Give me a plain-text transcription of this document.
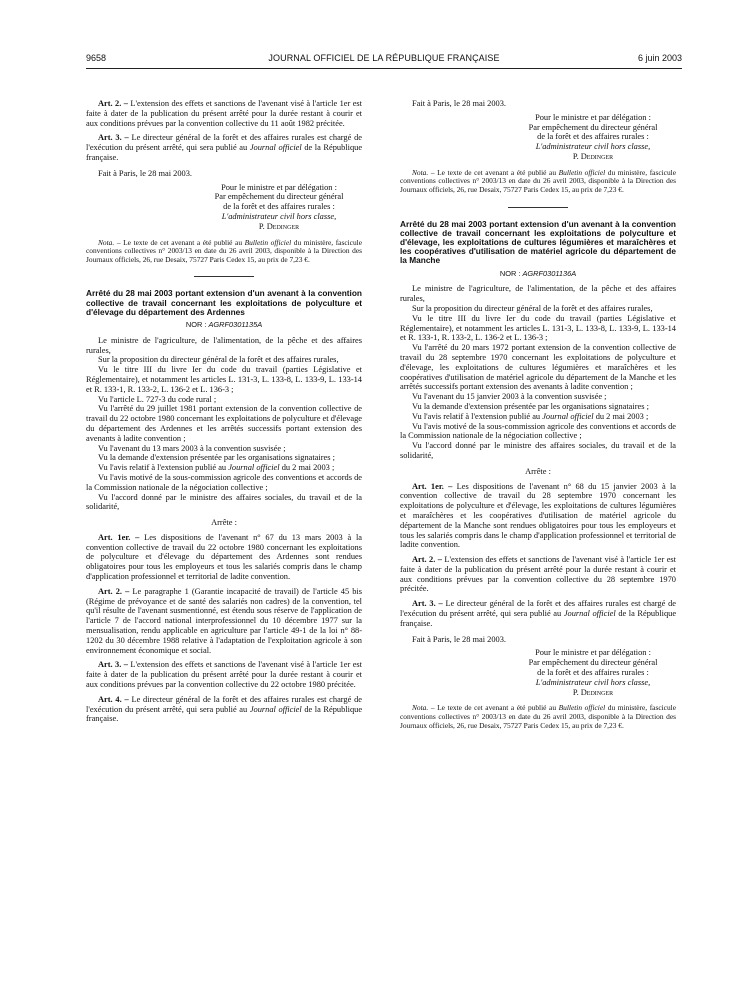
9658	JOURNAL OFFICIEL DE LA RÉPUBLIQUE FRANÇAISE	6 juin 2003

Art. 2. – L'extension des effets et sanctions de l'avenant visé à l'article 1er est faite à dater de la publication du présent arrêté pour la durée restant à courir et aux conditions prévues par la convention collective du 11 août 1982 précitée.

Art. 3. – Le directeur général de la forêt et des affaires rurales est chargé de l'exécution du présent arrêté, qui sera publié au Journal officiel de la République française.

Fait à Paris, le 28 mai 2003.
Pour le ministre et par délégation :
Par empêchement du directeur général
de la forêt et des affaires rurales :
L'administrateur civil hors classe,
P. Dedinger
Nota. – Le texte de cet avenant a été publié au Bulletin officiel du ministère, fascicule conventions collectives n° 2003/13 en date du 26 avril 2003, disponible à la Direction des Journaux officiels, 26, rue Desaix, 75727 Paris Cedex 15, au prix de 7,23 €.
Arrêté du 28 mai 2003 portant extension d'un avenant à la convention collective de travail concernant les exploitations de polyculture et d'élevage du département des Ardennes
NOR : AGRF0301135A

Le ministre de l'agriculture, de l'alimentation, de la pêche et des affaires rurales,

Sur la proposition du directeur général de la forêt et des affaires rurales,

Vu le titre III du livre Ier du code du travail (parties Législative et Réglementaire), et notamment les articles L. 131-3, L. 133-8, L. 133-9, L. 133-14 et R. 133-1, R. 133-2, L. 136-2 et L. 136-3 ;

Vu l'article L. 727-3 du code rural ;

Vu l'arrêté du 29 juillet 1981 portant extension de la convention collective de travail du 22 octobre 1980 concernant les exploitations de polyculture et d'élevage du département des Ardennes et les arrêtés successifs portant extension des avenants à ladite convention ;

Vu l'avenant du 13 mars 2003 à la convention susvisée ;

Vu la demande d'extension présentée par les organisations signataires ;

Vu l'avis relatif à l'extension publié au Journal officiel du 2 mai 2003 ;

Vu l'avis motivé de la sous-commission agricole des conventions et accords de la Commission nationale de la négociation collective ;

Vu l'accord donné par le ministre des affaires sociales, du travail et de la solidarité,

Arrête :

Art. 1er. – Les dispositions de l'avenant n° 67 du 13 mars 2003 à la convention collective de travail du 22 octobre 1980 concernant les exploitations de polyculture et d'élevage du département des Ardennes sont rendues obligatoires pour tous les employeurs et tous les salariés compris dans le champ d'application professionnel et territorial de ladite convention.

Art. 2. – Le paragraphe 1 (Garantie incapacité de travail) de l'article 45 bis (Régime de prévoyance et de santé des salariés non cadres) de la convention, tel qu'il résulte de l'avenant susmentionné, est étendu sous réserve de l'application de l'article 7 de l'accord national interprofessionnel du 10 décembre 1977 sur la mensualisation, rendu applicable en agriculture par l'article 49-1 de la loi n° 88-1202 du 30 décembre 1988 relative à l'adaptation de l'exploitation agricole à son environnement économique et social.

Art. 3. – L'extension des effets et sanctions de l'avenant visé à l'article 1er est faite à dater de la publication du présent arrêté pour la durée restant à courir et aux conditions prévues par la convention collective du 22 octobre 1980 précitée.

Art. 4. – Le directeur général de la forêt et des affaires rurales est chargé de l'exécution du présent arrêté, qui sera publié au Journal officiel de la République française.

Fait à Paris, le 28 mai 2003.
Pour le ministre et par délégation :
Par empêchement du directeur général
de la forêt et des affaires rurales :
L'administrateur civil hors classe,
P. Dedinger
Nota. – Le texte de cet avenant a été publié au Bulletin officiel du ministère, fascicule conventions collectives n° 2003/13 en date du 26 avril 2003, disponible à la Direction des Journaux officiels, 26, rue Desaix, 75727 Paris Cedex 15, au prix de 7,23 €.
Arrêté du 28 mai 2003 portant extension d'un avenant à la convention collective de travail concernant les exploitations de polyculture et d'élevage, les exploitations de cultures légumières et maraîchères et les coopératives d'utilisation de matériel agricole du département de la Manche
NOR : AGRF0301136A

Le ministre de l'agriculture, de l'alimentation, de la pêche et des affaires rurales,

Sur la proposition du directeur général de la forêt et des affaires rurales,

Vu le titre III du livre Ier du code du travail (parties Législative et Réglementaire), et notamment les articles L. 131-3, L. 133-8, L. 133-9, L. 133-14 et R. 133-1, R. 133-2, L. 136-2 et L. 136-3 ;

Vu l'arrêté du 20 mars 1972 portant extension de la convention collective de travail du 28 septembre 1970 concernant les exploitations de polyculture et d'élevage, les exploitations de cultures légumières et maraîchères et les coopératives d'utilisation de matériel agricole du département de la Manche et les arrêtés successifs portant extension des avenants à ladite convention ;

Vu l'avenant du 15 janvier 2003 à la convention susvisée ;

Vu la demande d'extension présentée par les organisations signataires ;

Vu l'avis relatif à l'extension publié au Journal officiel du 2 mai 2003 ;

Vu l'avis motivé de la sous-commission agricole des conventions et accords de la Commission nationale de la négociation collective ;

Vu l'accord donné par le ministre des affaires sociales, du travail et de la solidarité,

Arrête :

Art. 1er. – Les dispositions de l'avenant n° 68 du 15 janvier 2003 à la convention collective de travail du 28 septembre 1970 concernant les exploitations de polyculture et d'élevage, les exploitations de cultures légumières et maraîchères et les coopératives d'utilisation de matériel agricole du département de la Manche sont rendues obligatoires pour tous les employeurs et tous les salariés compris dans le champ d'application professionnel et territorial de ladite convention.

Art. 2. – L'extension des effets et sanctions de l'avenant visé à l'article 1er est faite à dater de la publication du présent arrêté pour la durée restant à courir et aux conditions prévues par la convention collective du 28 septembre 1970 précitée.

Art. 3. – Le directeur général de la forêt et des affaires rurales est chargé de l'exécution du présent arrêté, qui sera publié au Journal officiel de la République française.

Fait à Paris, le 28 mai 2003.
Pour le ministre et par délégation :
Par empêchement du directeur général
de la forêt et des affaires rurales :
L'administrateur civil hors classe,
P. Dedinger
Nota. – Le texte de cet avenant a été publié au Bulletin officiel du ministère, fascicule conventions collectives n° 2003/13 en date du 26 avril 2003, disponible à la Direction des Journaux officiels, 26, rue Desaix, 75727 Paris Cedex 15, au prix de 7,23 €.
